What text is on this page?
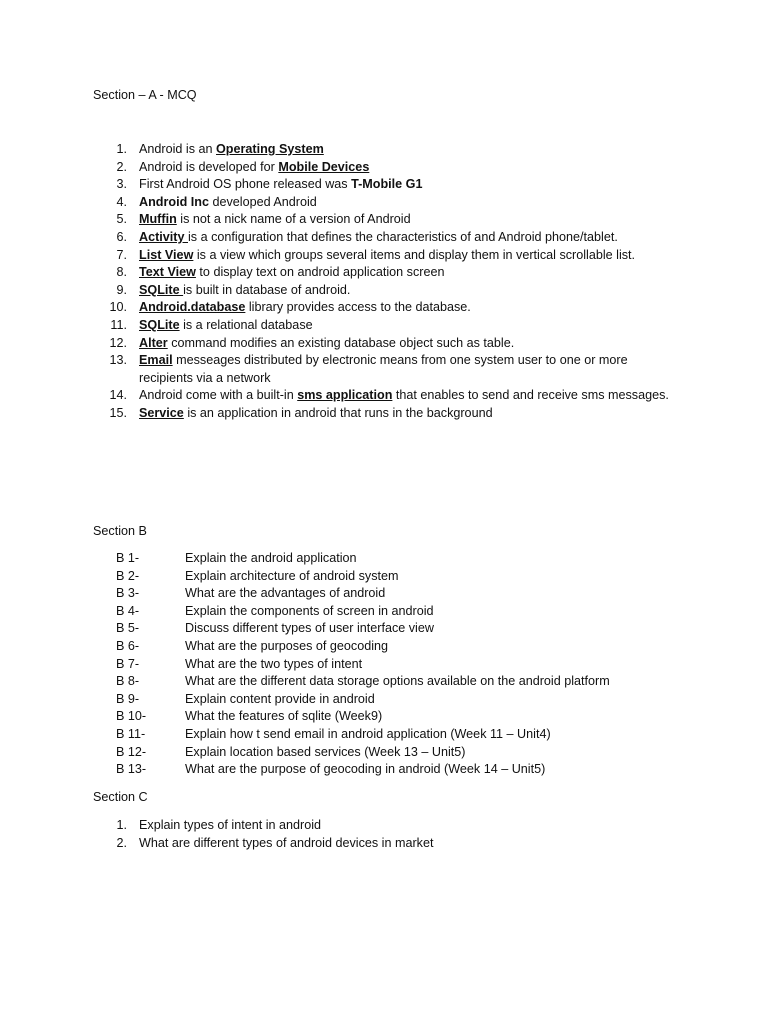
Section – A - MCQ
1. Android is an Operating System
2. Android is developed for Mobile Devices
3. First Android OS phone released was T-Mobile G1
4. Android Inc developed Android
5. Muffin is not a nick name of a version of Android
6. Activity is a configuration that defines the characteristics of and Android phone/tablet.
7. List View is a view which groups several items and display them in vertical scrollable list.
8. Text View to display text on android application screen
9. SQLite is built in database of android.
10. Android.database library provides access to the database.
11. SQLite is a relational database
12. Alter command modifies an existing database object such as table.
13. Email messeages distributed by electronic means from one system user to one or more recipients via a network
14. Android come with a built-in sms application that enables to send and receive sms messages.
15. Service is an application in android that runs in the background
Section B
B 1-	Explain the android application
B 2-	Explain architecture of android system
B 3-	What are the advantages of android
B 4-	Explain the components of screen in android
B 5-	Discuss different types of user interface view
B 6-	What are the purposes of geocoding
B 7-	What are the two types of intent
B 8-	What are the different data storage options available on the android platform
B 9-	Explain content provide in android
B 10-	What the features of sqlite (Week9)
B 11-	Explain how t send email in android application (Week 11 – Unit4)
B 12-	Explain location based services (Week 13 – Unit5)
B 13-	What are the purpose of geocoding in android (Week 14 – Unit5)
Section C
1. Explain types of intent in android
2. What are different types of android devices in market
